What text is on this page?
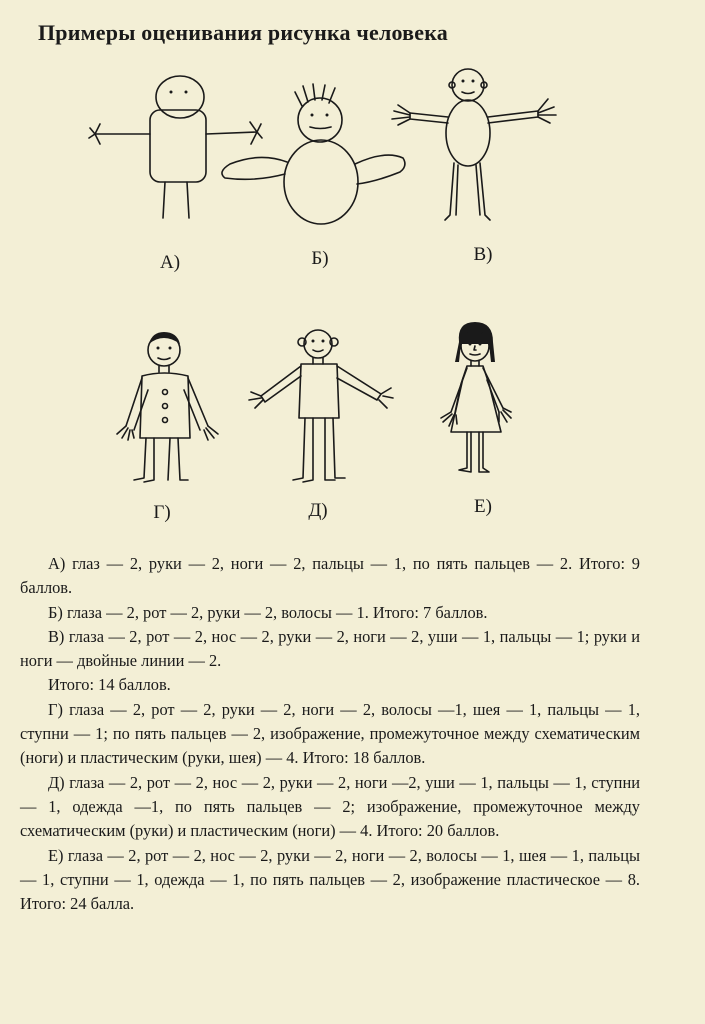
Примеры оценивания рисунка человека
А)	Б)	В)
Г)	Д)	Е)

А) глаз — 2, руки — 2, ноги — 2, пальцы — 1, по пять пальцев — 2. Итого: 9 баллов.

Б) глаза — 2, рот — 2, руки — 2, волосы — 1. Итого: 7 баллов.

В) глаза — 2, рот — 2, нос — 2, руки — 2, ноги — 2, уши — 1, пальцы — 1; руки и ноги — двойные линии — 2.

Итого: 14 баллов.

Г) глаза — 2, рот — 2, руки — 2, ноги — 2, волосы —1, шея — 1, пальцы — 1, ступни — 1; по пять пальцев — 2, изображение, промежуточное между схематическим (ноги) и пластическим (руки, шея) — 4. Итого: 18 баллов.

Д) глаза — 2, рот — 2, нос — 2, руки — 2, ноги —2, уши — 1, пальцы — 1, ступни — 1, одежда —1, по пять пальцев — 2; изображение, промежуточное между схематическим (руки) и пластическим (ноги) — 4. Итого: 20 баллов.

Е) глаза — 2, рот — 2, нос — 2, руки — 2, ноги — 2, волосы — 1, шея — 1, пальцы — 1, ступни — 1, одежда — 1, по пять пальцев — 2, изображение пластическое — 8. Итого: 24 балла.
